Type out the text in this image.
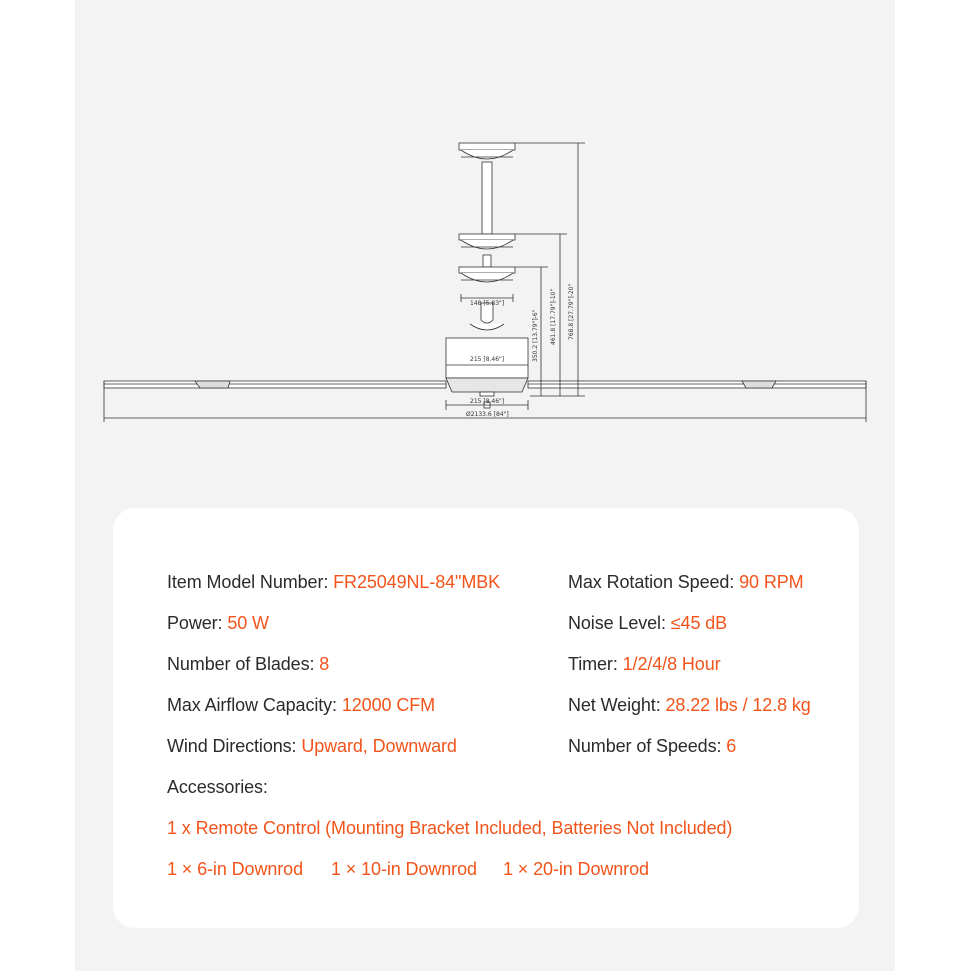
768.8 [27.79"]-20"
461.8 [17.79"]-10"
350.2 [13.79"]-6"
148 [5.83"]
215 [8.46"]
215 [8.46"]
Ø2133.6 [84"]
Item Model Number: FR25049NL-84"MBK
Power: 50 W
Number of Blades: 8
Max Airflow Capacity: 12000 CFM
Wind Directions: Upward, Downward
Max Rotation Speed: 90 RPM
Noise Level: ≤45 dB
Timer: 1/2/4/8 Hour
Net Weight: 28.22 lbs / 12.8 kg
Number of Speeds: 6
Accessories:
1 x Remote Control (Mounting Bracket Included, Batteries Not Included)
1 × 6-in Downrod 1 × 10-in Downrod 1 × 20-in Downrod
